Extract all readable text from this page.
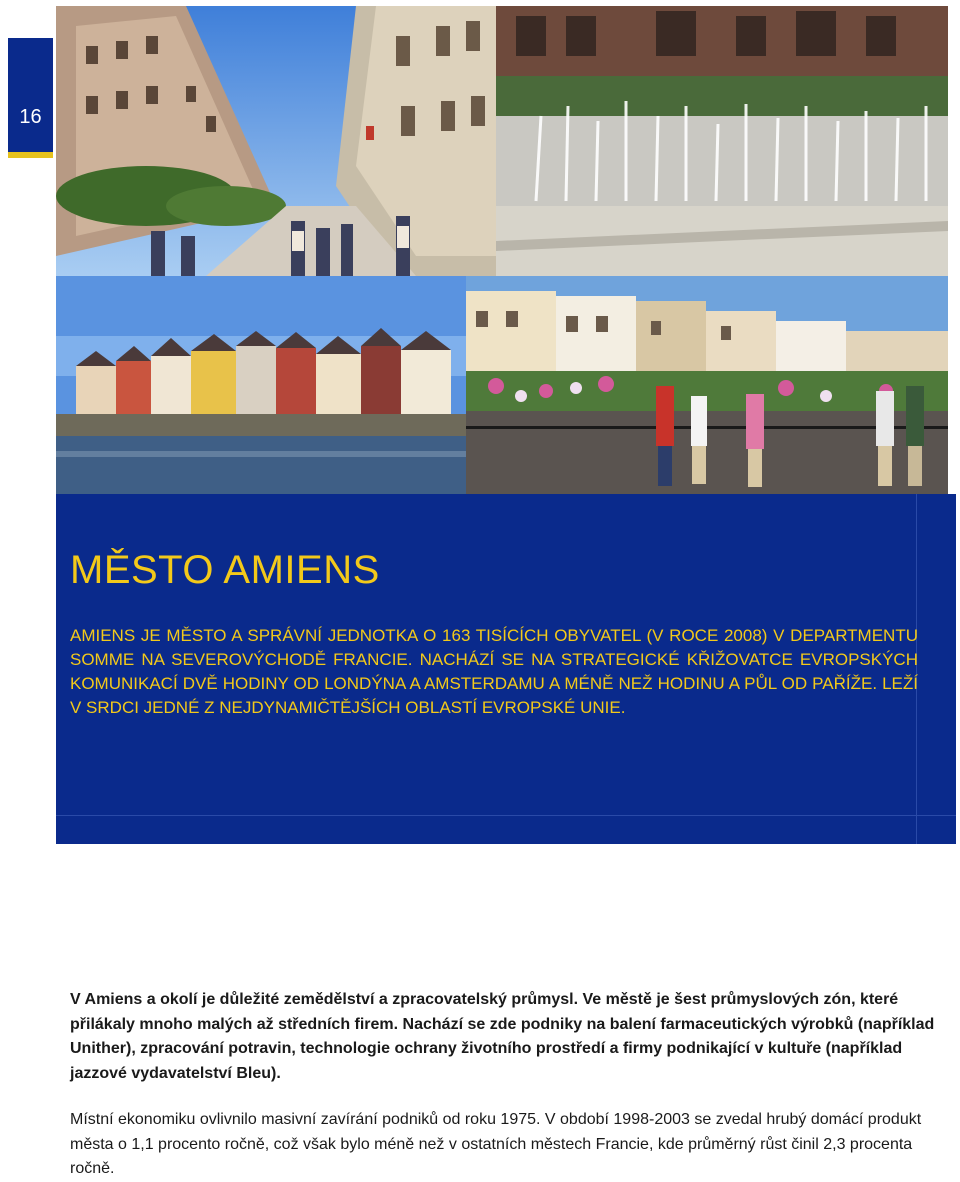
16
MĚSTO AMIENS

AMIENS JE MĚSTO A SPRÁVNÍ JEDNOTKA O 163 TISÍCÍCH OBYVATEL (V ROCE 2008) V DEPARTMENTU SOMME NA SEVEROVÝCHODĚ FRANCIE. NACHÁZÍ SE NA STRATEGICKÉ KŘIŽOVATCE EVROPSKÝCH KOMUNIKACÍ DVĚ HODINY OD LONDÝNA A AMSTERDAMU A MÉNĚ NEŽ HODINU A PŮL OD PAŘÍŽE. LEŽÍ V SRDCI JEDNÉ Z NEJDYNAMIČTĚJŠÍCH OBLASTÍ EVROPSKÉ UNIE.

V Amiens a okolí je důležité zemědělství a zpracovatelský průmysl. Ve městě je šest průmyslových zón, které přilákaly mnoho malých až středních firem. Nachází se zde podniky na balení farmaceutických výrobků (například Unither), zpracování potravin, technologie ochrany životního prostředí a firmy podnikající v kultuře (například jazzové vydavatelství Bleu).

Místní ekonomiku ovlivnilo masivní zavírání podniků od roku 1975. V období 1998-2003 se zvedal hrubý domácí produkt města o 1,1 procento ročně, což však bylo méně než v ostatních městech Francie, kde průměrný růst činil 2,3 procenta ročně.
